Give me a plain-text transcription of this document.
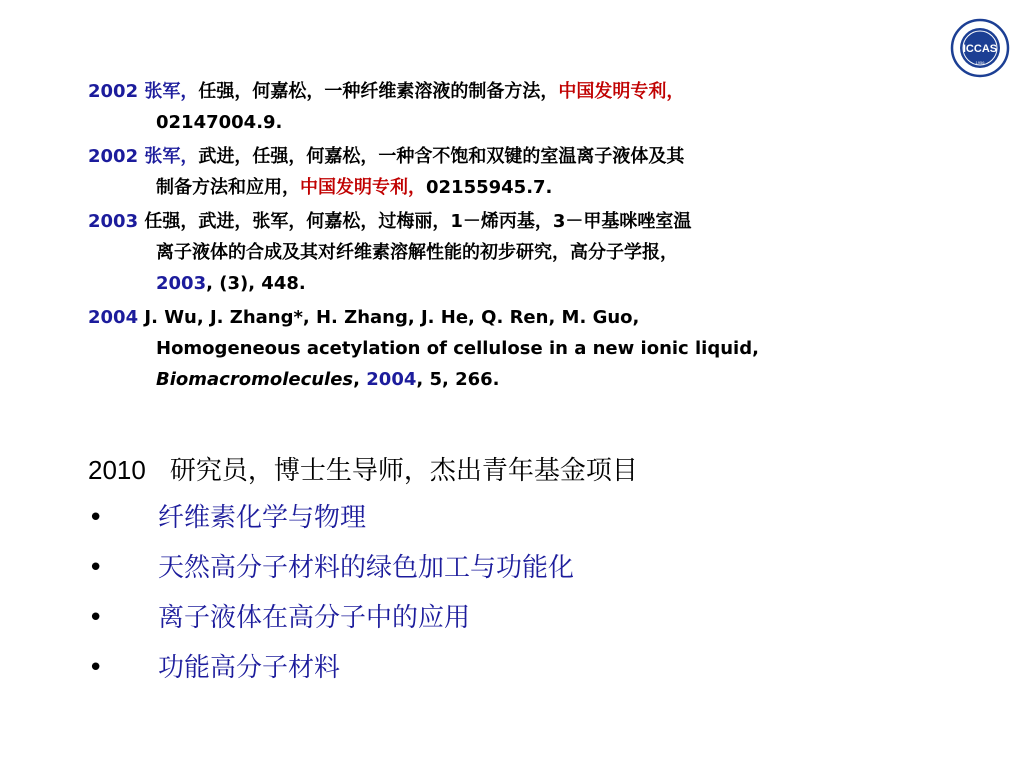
ICCAS
1956
2002 张军，任强，何嘉松，一种纤维素溶液的制备方法，中国发明专利，
02147004.9.
2002 张军，武进，任强，何嘉松，一种含不饱和双键的室温离子液体及其
制备方法和应用，中国发明专利，02155945.7.
2003 任强，武进，张军，何嘉松，过梅丽，1－烯丙基，3－甲基咪唑室温
离子液体的合成及其对纤维素溶解性能的初步研究，高分子学报，
2003, (3), 448.
2004 J. Wu, J. Zhang*, H. Zhang, J. He, Q. Ren, M. Guo,
Homogeneous acetylation of cellulose in a new ionic liquid,
Biomacromolecules, 2004, 5, 266.
2010 研究员，博士生导师，杰出青年基金项目
•	纤维素化学与物理
•	天然高分子材料的绿色加工与功能化
•	离子液体在高分子中的应用
•	功能高分子材料
